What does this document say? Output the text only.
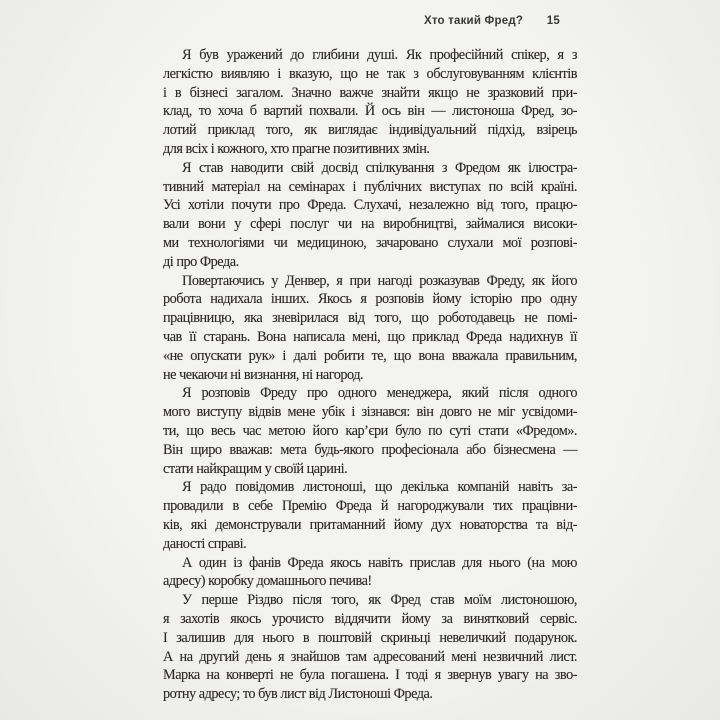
Хто такий Фред? 15
Я був уражений до глибини душі. Як професійний спікер, я з
легкістю виявляю і вказую, що не так з обслуговуванням клієнтів
і в бізнесі загалом. Значно важче знайти якщо не зразковий при-
клад, то хоча б вартий похвали. Й ось він — листоноша Фред, зо-
лотий приклад того, як виглядає індивідуальний підхід, взірець
для всіх і кожного, хто прагне позитивних змін.
Я став наводити свій досвід спілкування з Фредом як ілюстра-
тивний матеріал на семінарах і публічних виступах по всій країні.
Усі хотіли почути про Фреда. Слухачі, незалежно від того, працю-
вали вони у сфері послуг чи на виробництві, займалися високи-
ми технологіями чи медициною, зачаровано слухали мої розпові-
ді про Фреда.
Повертаючись у Денвер, я при нагоді розказував Фреду, як його
робота надихала інших. Якось я розповів йому історію про одну
працівницю, яка зневірилася від того, що роботодавець не помі-
чав її старань. Вона написала мені, що приклад Фреда надихнув її
«не опускати рук» і далі робити те, що вона вважала правильним,
не чекаючи ні визнання, ні нагород.
Я розповів Фреду про одного менеджера, який після одного
мого виступу відвів мене убік і зізнався: він довго не міг усвідоми-
ти, що весь час метою його кар’єри було по суті стати «Фредом».
Він щиро вважав: мета будь-якого професіонала або бізнесмена —
стати найкращим у своїй царині.
Я радо повідомив листоноші, що декілька компаній навіть за-
провадили в себе Премію Фреда й нагороджували тих працівни-
ків, які демонстрували притаманний йому дух новаторства та від-
даності справі.
А один із фанів Фреда якось навіть прислав для нього (на мою
адресу) коробку домашнього печива!
У перше Різдво після того, як Фред став моїм листоношою,
я захотів якось урочисто віддячити йому за винятковий сервіс.
І залишив для нього в поштовій скриньці невеличкий подарунок.
А на другий день я знайшов там адресований мені незвичний лист.
Марка на конверті не була погашена. І тоді я звернув увагу на зво-
ротну адресу; то був лист від Листоноші Фреда.
